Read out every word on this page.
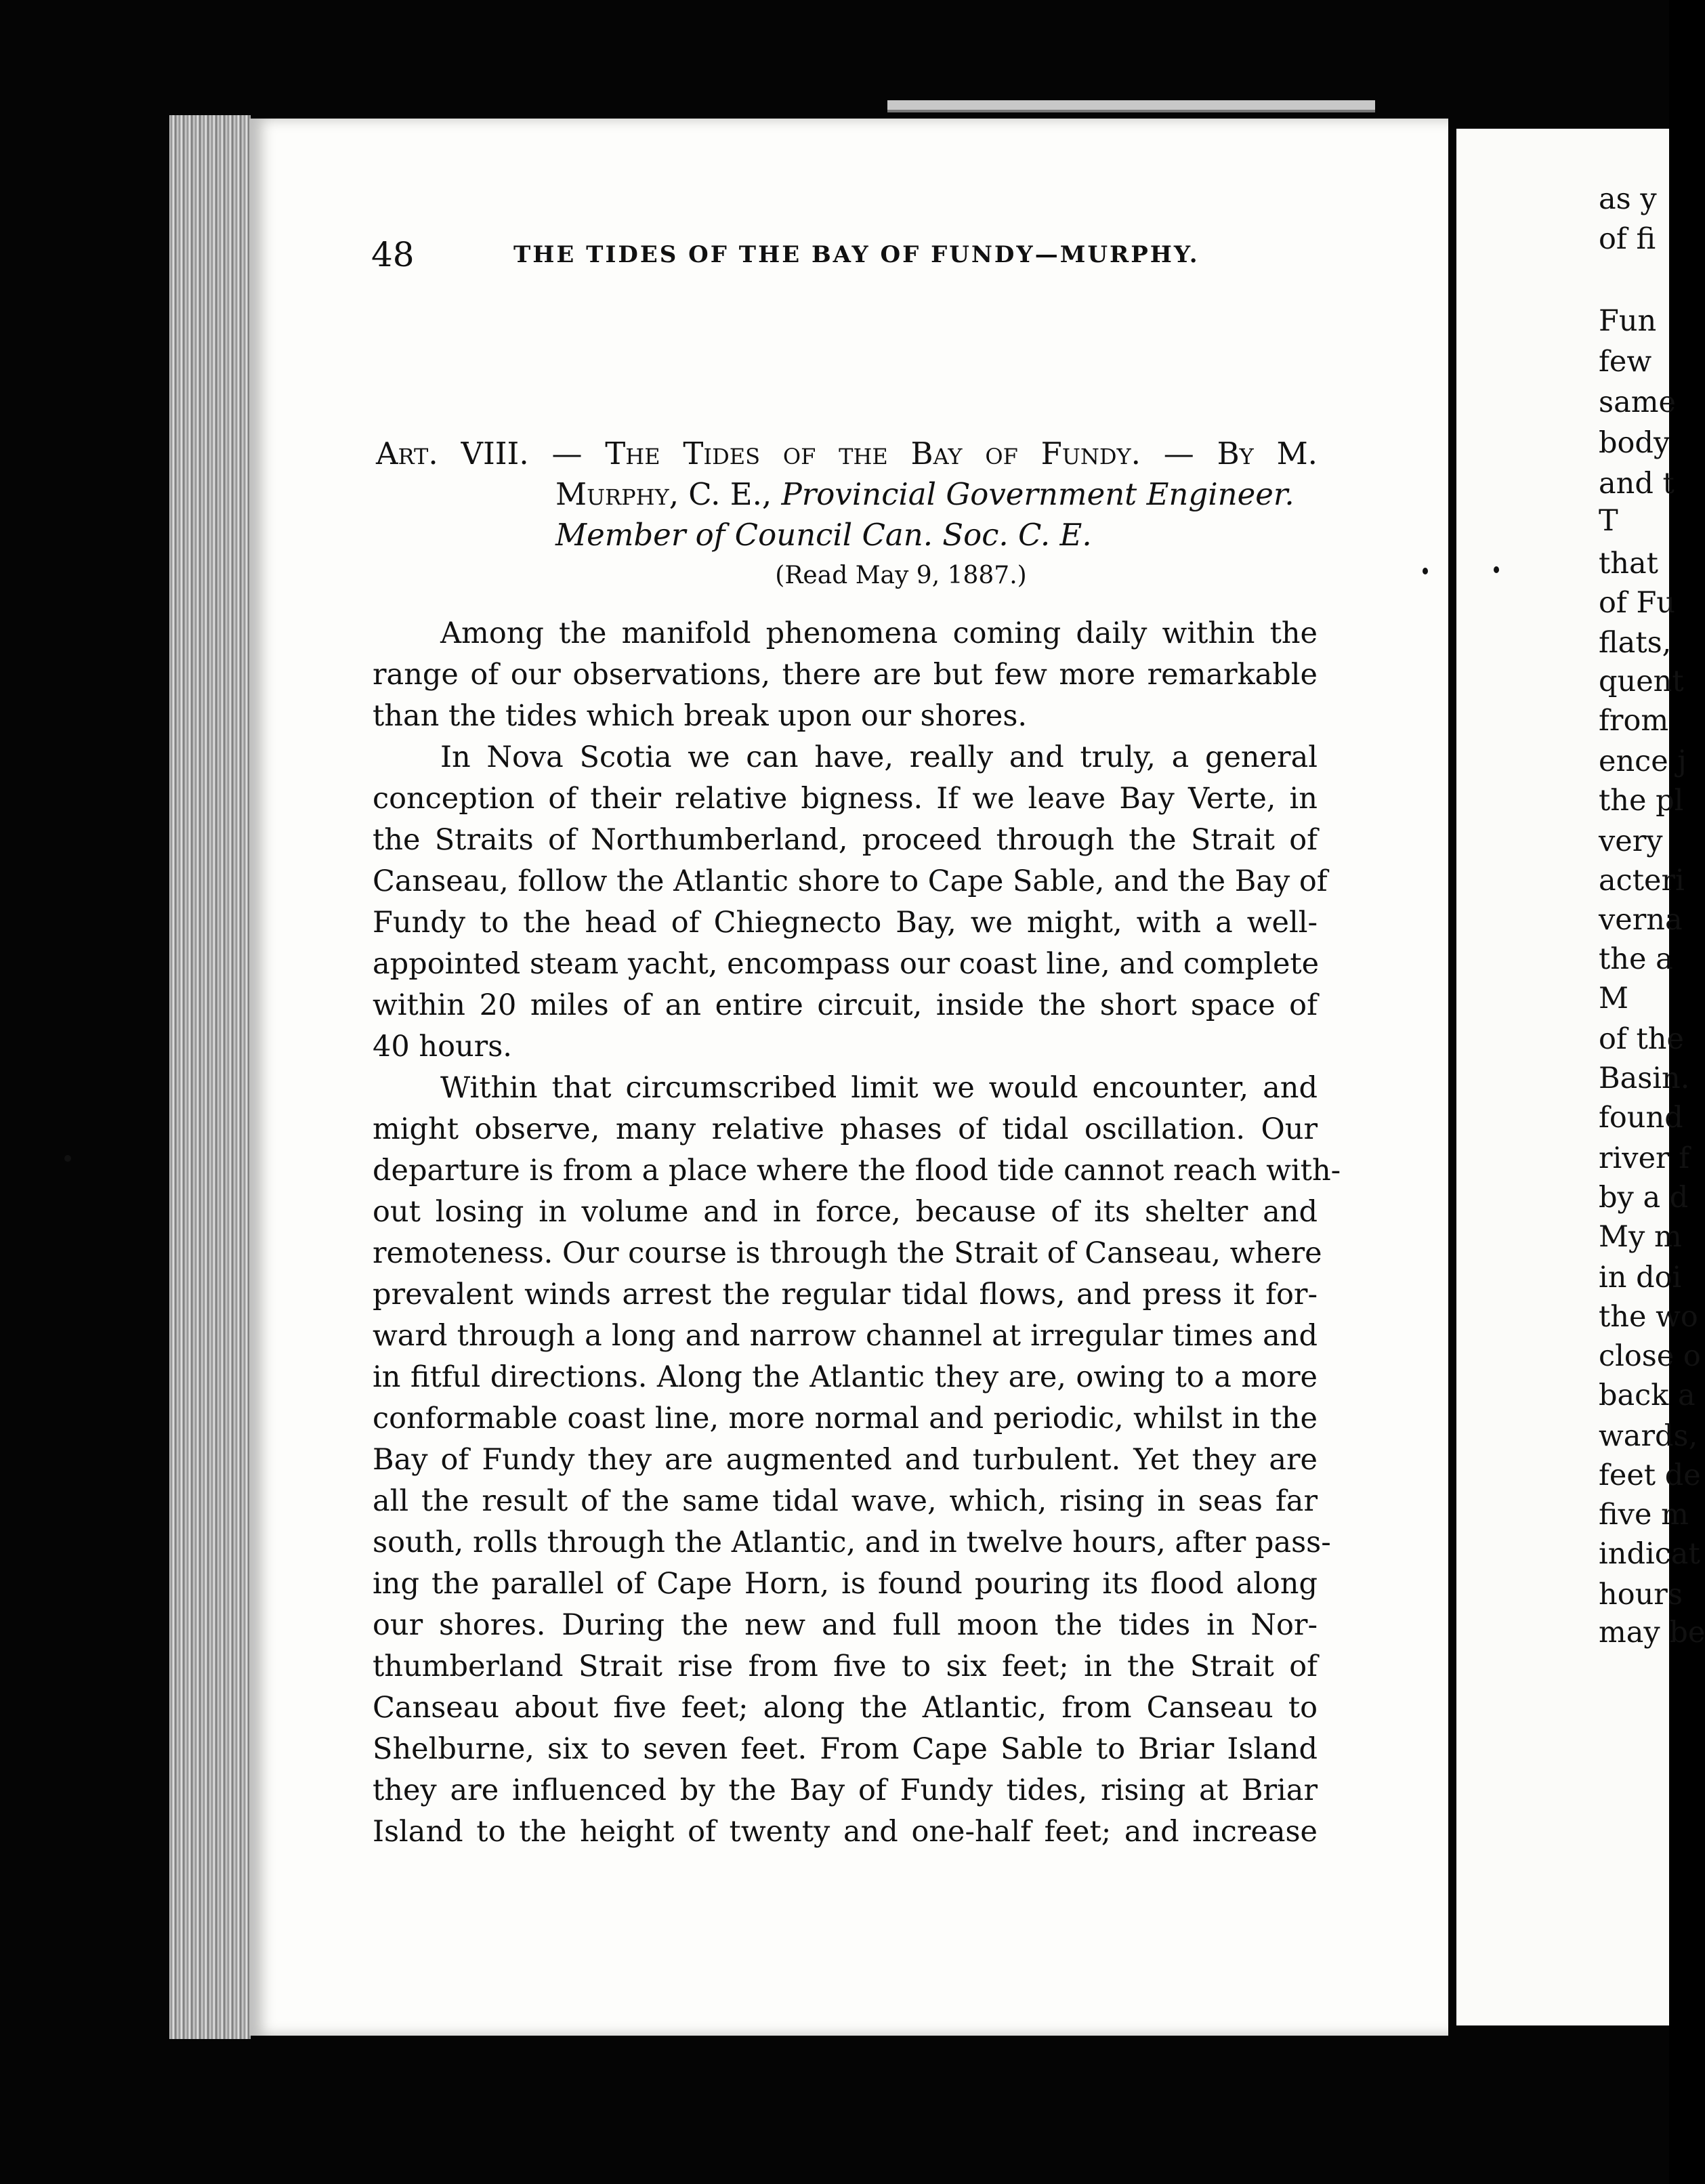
48	THE TIDES OF THE BAY OF FUNDY—MURPHY.
Art. VIII. — The Tides of the Bay of Fundy. — By M.
Murphy, C. E., Provincial Government Engineer.
Member of Council Can. Soc. C. E.
(Read May 9, 1887.)
Among the manifold phenomena coming daily within the
range of our observations, there are but few more remarkable
than the tides which break upon our shores.
In Nova Scotia we can have, really and truly, a general
conception of their relative bigness. If we leave Bay Verte, in
the Straits of Northumberland, proceed through the Strait of
Canseau, follow the Atlantic shore to Cape Sable, and the Bay of
Fundy to the head of Chiegnecto Bay, we might, with a well-
appointed steam yacht, encompass our coast line, and complete
within 20 miles of an entire circuit, inside the short space of
40 hours.
Within that circumscribed limit we would encounter, and
might observe, many relative phases of tidal oscillation. Our
departure is from a place where the flood tide cannot reach with-
out losing in volume and in force, because of its shelter and
remoteness. Our course is through the Strait of Canseau, where
prevalent winds arrest the regular tidal flows, and press it for-
ward through a long and narrow channel at irregular times and
in fitful directions. Along the Atlantic they are, owing to a more
conformable coast line, more normal and periodic, whilst in the
Bay of Fundy they are augmented and turbulent. Yet they are
all the result of the same tidal wave, which, rising in seas far
south, rolls through the Atlantic, and in twelve hours, after pass-
ing the parallel of Cape Horn, is found pouring its flood along
our shores. During the new and full moon the tides in Nor-
thumberland Strait rise from five to six feet; in the Strait of
Canseau about five feet; along the Atlantic, from Canseau to
Shelburne, six to seven feet. From Cape Sable to Briar Island
they are influenced by the Bay of Fundy tides, rising at Briar
Island to the height of twenty and one-half feet; and increase
as y
of fi
Fun
few
same
body
and t
T
that
of Fu
flats,
quent
from
ence j
the pl
very
acteri
verna
the a
M
of the
Basin.
found
river f
by a d
My m
in doi
the wo
close o
back a
wards,
feet de
five m
indicat
hours
may be
